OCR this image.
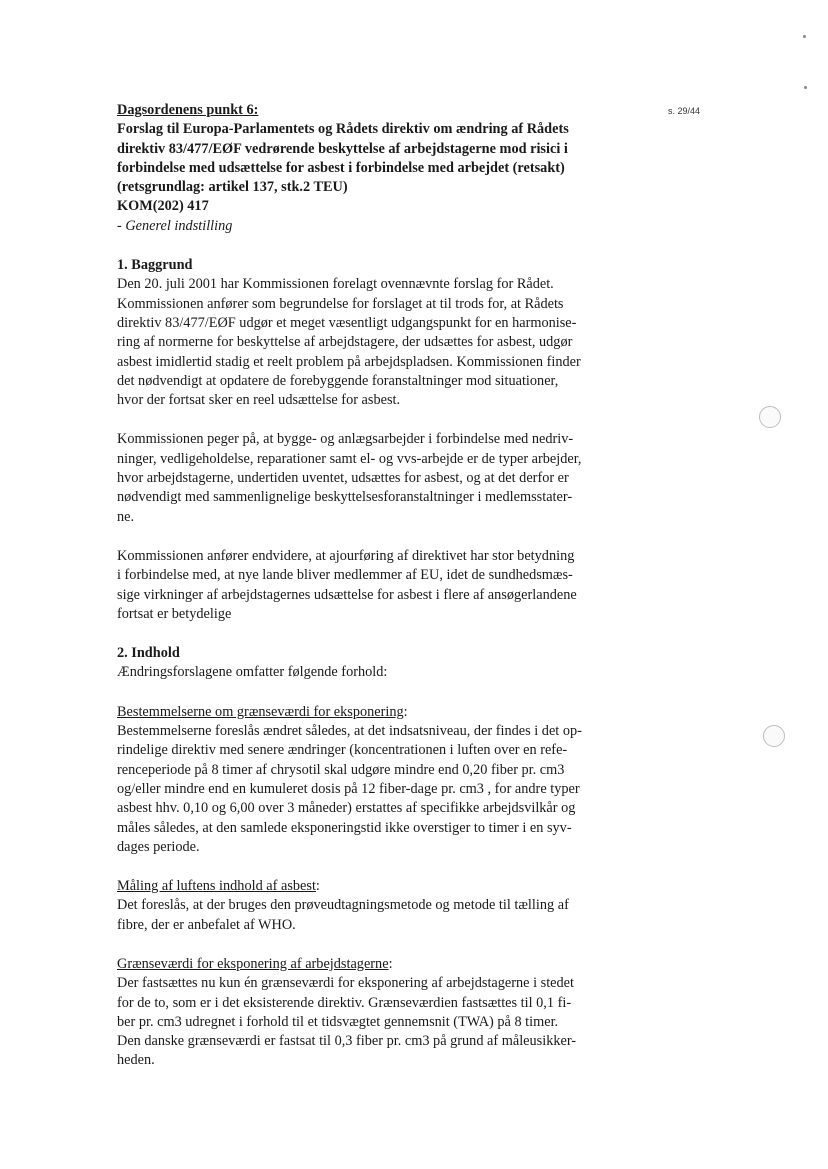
s. 29/44

Dagsordenens punkt 6:

Forslag til Europa-Parlamentets og Rådets direktiv om ændring af Rådets

direktiv 83/477/EØF vedrørende beskyttelse af arbejdstagerne mod risici i

forbindelse med udsættelse for asbest i forbindelse med arbejdet (retsakt)

(retsgrundlag: artikel 137, stk.2 TEU)

KOM(202) 417

- Generel indstilling

1. Baggrund

Den 20. juli 2001 har Kommissionen forelagt ovennævnte forslag for Rådet.

Kommissionen anfører som begrundelse for forslaget at til trods for, at Rådets

direktiv 83/477/EØF udgør et meget væsentligt udgangspunkt for en harmonise-

ring af normerne for beskyttelse af arbejdstagere, der udsættes for asbest, udgør

asbest imidlertid stadig et reelt problem på arbejdspladsen. Kommissionen finder

det nødvendigt at opdatere de forebyggende foranstaltninger mod situationer,

hvor der fortsat sker en reel udsættelse for asbest.

Kommissionen peger på, at bygge- og anlægsarbejder i forbindelse med nedriv-

ninger, vedligeholdelse, reparationer samt el- og vvs-arbejde er de typer arbejder,

hvor arbejdstagerne, undertiden uventet, udsættes for asbest, og at det derfor er

nødvendigt med sammenlignelige beskyttelsesforanstaltninger i medlemsstater-

ne.

Kommissionen anfører endvidere, at ajourføring af direktivet har stor betydning

i forbindelse med, at nye lande bliver medlemmer af EU, idet de sundhedsmæs-

sige virkninger af arbejdstagernes udsættelse for asbest i flere af ansøgerlandene

fortsat er betydelige

2. Indhold

Ændringsforslagene omfatter følgende forhold:

Bestemmelserne om grænseværdi for eksponering:

Bestemmelserne foreslås ændret således, at det indsatsniveau, der findes i det op-

rindelige direktiv med senere ændringer (koncentrationen i luften over en refe-

renceperiode på 8 timer af chrysotil skal udgøre mindre end 0,20 fiber pr. cm3

og/eller mindre end en kumuleret dosis på 12 fiber-dage pr. cm3 , for andre typer

asbest hhv. 0,10 og 6,00 over 3 måneder) erstattes af specifikke arbejdsvilkår og

måles således, at den samlede eksponeringstid ikke overstiger to timer i en syv-

dages periode.

Måling af luftens indhold af asbest:

Det foreslås, at der bruges den prøveudtagningsmetode og metode til tælling af

fibre, der er anbefalet af WHO.

Grænseværdi for eksponering af arbejdstagerne:

Der fastsættes nu kun én grænseværdi for eksponering af arbejdstagerne i stedet

for de to, som er i det eksisterende direktiv. Grænseværdien fastsættes til 0,1 fi-

ber pr. cm3 udregnet i forhold til et tidsvægtet gennemsnit (TWA) på 8 timer.

Den danske grænseværdi er fastsat til 0,3 fiber pr. cm3 på grund af måleusikker-

heden.
